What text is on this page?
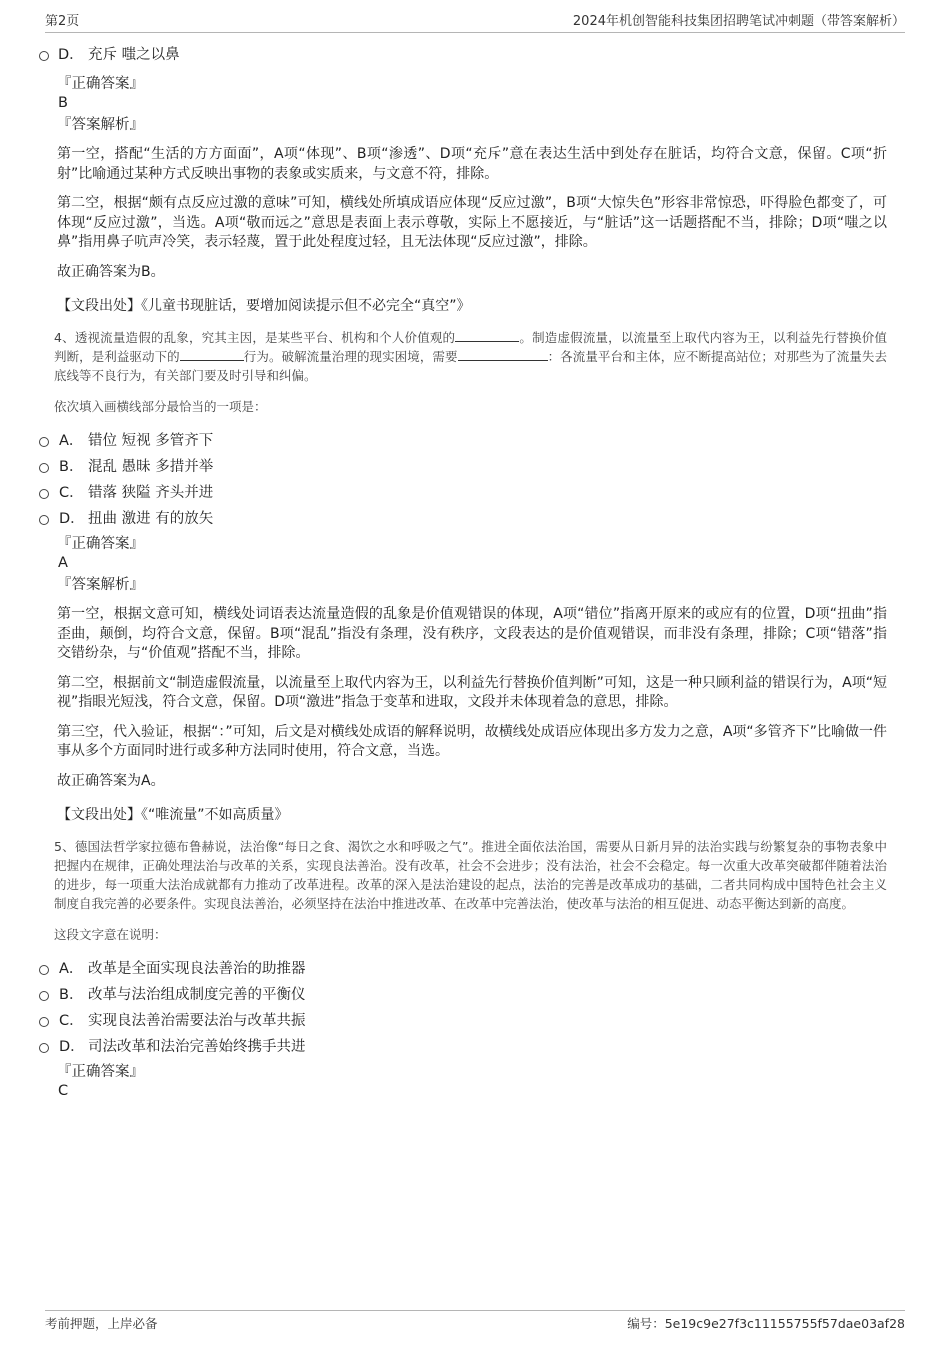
第2页	2024年机创智能科技集团招聘笔试冲刺题（带答案解析）
D． 充斥 嗤之以鼻
『正确答案』
B
『答案解析』

第一空，搭配“生活的方方面面”，A项“体现”、B项“渗透”、D项“充斥”意在表达生活中到处存在脏话，均符合文意，保留。C项“折射”比喻通过某种方式反映出事物的表象或实质来，与文意不符，排除。

第二空，根据“颇有点反应过激的意味”可知，横线处所填成语应体现“反应过激”，B项“大惊失色”形容非常惊恐，吓得脸色都变了，可体现“反应过激”，当选。A项“敬而远之”意思是表面上表示尊敬，实际上不愿接近，与“脏话”这一话题搭配不当，排除；D项“嗤之以鼻”指用鼻子吭声冷笑，表示轻蔑，置于此处程度过轻，且无法体现“反应过激”，排除。

故正确答案为B。

【文段出处】《儿童书现脏话，要增加阅读提示但不必完全“真空”》

4、透视流量造假的乱象，究其主因，是某些平台、机构和个人价值观的	。制造虚假流量，以流量至上取代内容为王，以利益先行替换价值判断，是利益驱动下的	行为。破解流量治理的现实困境，需要	：各流量平台和主体，应不断提高站位；对那些为了流量失去底线等不良行为，有关部门要及时引导和纠偏。

依次填入画横线部分最恰当的一项是：

A． 错位 短视 多管齐下
B． 混乱 愚昧 多措并举
C． 错落 狭隘 齐头并进
D． 扭曲 激进 有的放矢
『正确答案』
A
『答案解析』

第一空，根据文意可知，横线处词语表达流量造假的乱象是价值观错误的体现，A项“错位”指离开原来的或应有的位置，D项“扭曲”指歪曲，颠倒，均符合文意，保留。B项“混乱”指没有条理，没有秩序，文段表达的是价值观错误，而非没有条理，排除；C项“错落”指交错纷杂，与“价值观”搭配不当，排除。

第二空，根据前文“制造虚假流量，以流量至上取代内容为王，以利益先行替换价值判断”可知，这是一种只顾利益的错误行为，A项“短视”指眼光短浅，符合文意，保留。D项“激进”指急于变革和进取，文段并未体现着急的意思，排除。

第三空，代入验证，根据“：”可知，后文是对横线处成语的解释说明，故横线处成语应体现出多方发力之意，A项“多管齐下”比喻做一件事从多个方面同时进行或多种方法同时使用，符合文意，当选。

故正确答案为A。

【文段出处】《“唯流量”不如高质量》

5、德国法哲学家拉德布鲁赫说，法治像“每日之食、渴饮之水和呼吸之气”。推进全面依法治国，需要从日新月异的法治实践与纷繁复杂的事物表象中把握内在规律，正确处理法治与改革的关系，实现良法善治。没有改革，社会不会进步；没有法治，社会不会稳定。每一次重大改革突破都伴随着法治的进步，每一项重大法治成就都有力推动了改革进程。改革的深入是法治建设的起点，法治的完善是改革成功的基础，二者共同构成中国特色社会主义制度自我完善的必要条件。实现良法善治，必须坚持在法治中推进改革、在改革中完善法治，使改革与法治的相互促进、动态平衡达到新的高度。

这段文字意在说明：

A． 改革是全面实现良法善治的助推器
B． 改革与法治组成制度完善的平衡仪
C． 实现良法善治需要法治与改革共振
D． 司法改革和法治完善始终携手共进
『正确答案』
C
考前押题，上岸必备	编号：5e19c9e27f3c11155755f57dae03af28
